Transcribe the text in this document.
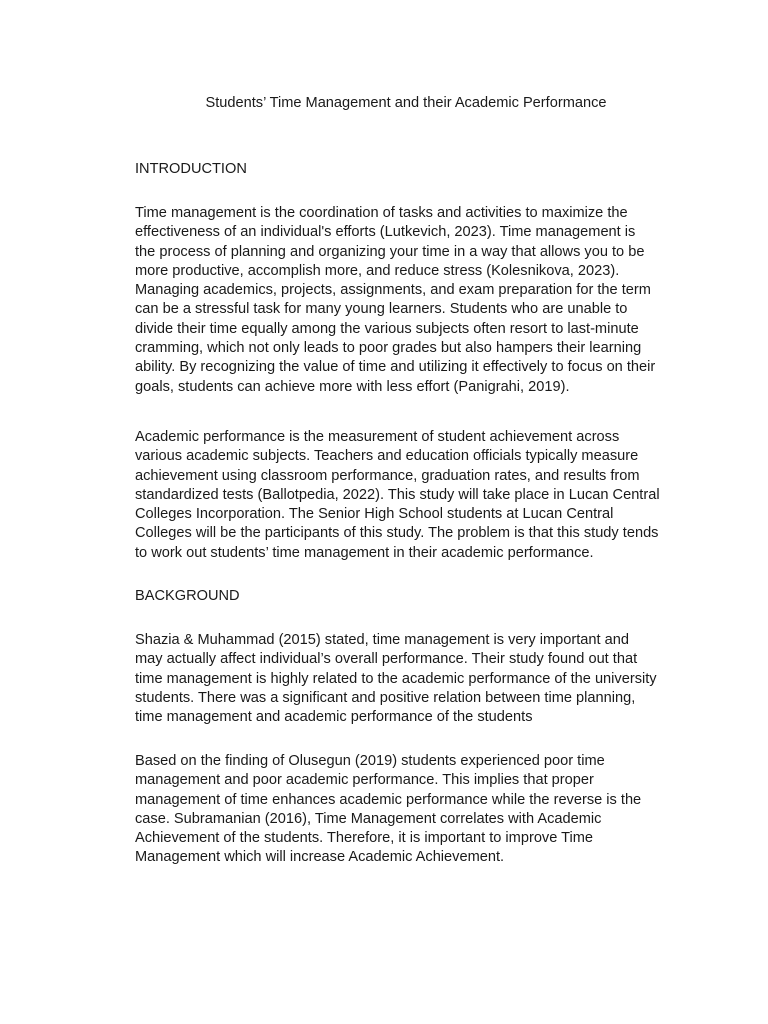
Students’ Time Management and their Academic Performance
INTRODUCTION

Time management is the coordination of tasks and activities to maximize the
effectiveness of an individual's efforts (Lutkevich, 2023). Time management is
the process of planning and organizing your time in a way that allows you to be
more productive, accomplish more, and reduce stress (Kolesnikova, 2023).
Managing academics, projects, assignments, and exam preparation for the term
can be a stressful task for many young learners. Students who are unable to
divide their time equally among the various subjects often resort to last-minute
cramming, which not only leads to poor grades but also hampers their learning
ability. By recognizing the value of time and utilizing it effectively to focus on their
goals, students can achieve more with less effort (Panigrahi, 2019).

Academic performance is the measurement of student achievement across
various academic subjects. Teachers and education officials typically measure
achievement using classroom performance, graduation rates, and results from
standardized tests (Ballotpedia, 2022). This study will take place in Lucan Central
Colleges Incorporation. The Senior High School students at Lucan Central
Colleges will be the participants of this study. The problem is that this study tends
to work out students’ time management in their academic performance.

BACKGROUND

Shazia & Muhammad (2015) stated, time management is very important and
may actually affect individual’s overall performance. Their study found out that
time management is highly related to the academic performance of the university
students. There was a significant and positive relation between time planning,
time management and academic performance of the students

Based on the finding of Olusegun (2019) students experienced poor time
management and poor academic performance. This implies that proper
management of time enhances academic performance while the reverse is the
case. Subramanian (2016), Time Management correlates with Academic
Achievement of the students. Therefore, it is important to improve Time
Management which will increase Academic Achievement.
